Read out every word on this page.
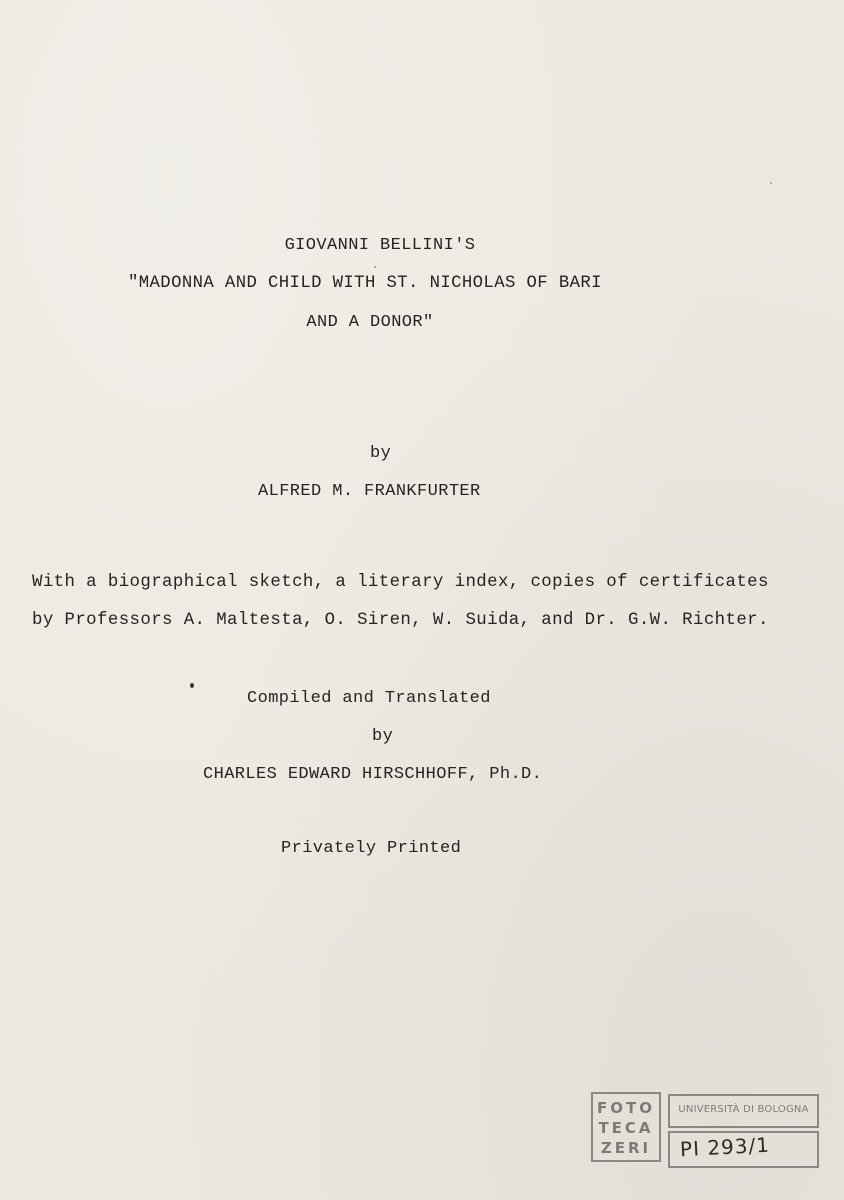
GIOVANNI BELLINI'S
"MADONNA AND CHILD WITH ST. NICHOLAS OF BARI
AND A DONOR"
by
ALFRED M. FRANKFURTER
With a biographical sketch, a literary index, copies of certificates
by Professors A. Maltesta, O. Siren, W. Suida, and Dr. G.W. Richter.
Compiled and Translated
by
CHARLES EDWARD HIRSCHHOFF, Ph.D.
Privately Printed
FOTO
TECA
ZERI
UNIVERSITÀ DI BOLOGNA
PI 293/1
